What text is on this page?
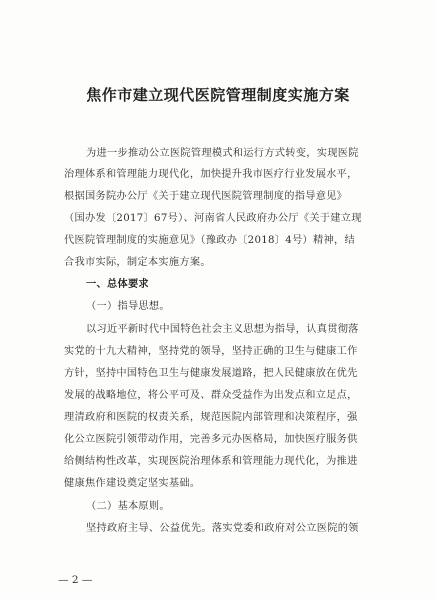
焦作市建立现代医院管理制度实施方案
为进一步推动公立医院管理模式和运行方式转变，实现医院
治理体系和管理能力现代化，加快提升我市医疗行业发展水平，
根据国务院办公厅《关于建立现代医院管理制度的指导意见》
（国办发〔2017〕67号）、河南省人民政府办公厅《关于建立现
代医院管理制度的实施意见》（豫政办〔2018〕4号）精神，结
合我市实际，制定本实施方案。
一、总体要求
（一）指导思想。
以习近平新时代中国特色社会主义思想为指导，认真贯彻落
实党的十九大精神，坚持党的领导，坚持正确的卫生与健康工作
方针，坚持中国特色卫生与健康发展道路，把人民健康放在优先
发展的战略地位，将公平可及、群众受益作为出发点和立足点，
理清政府和医院的权责关系，规范医院内部管理和决策程序，强
化公立医院引领带动作用，完善多元办医格局，加快医疗服务供
给侧结构性改革，实现医院治理体系和管理能力现代化，为推进
健康焦作建设奠定坚实基础。
（二）基本原则。
坚持政府主导、公益优先。落实党委和政府对公立医院的领
— 2 —
